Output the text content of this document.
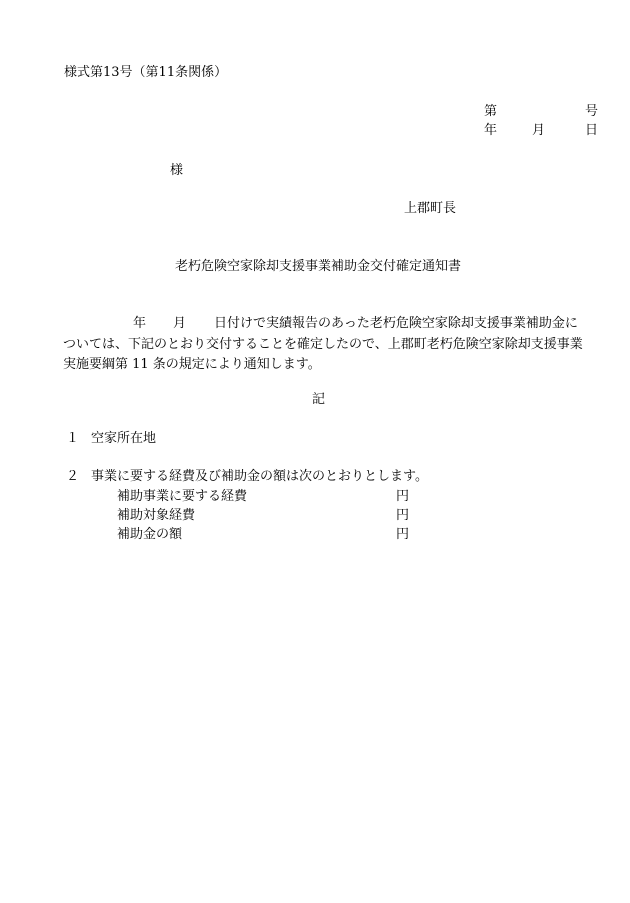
様式第13号（第11条関係）
第	号
年	月	日
様
上郡町長
老朽危険空家除却支援事業補助金交付確定通知書
年 月 日付けで実績報告のあった老朽危険空家除却支援事業補助金については、下記のとおり交付することを確定したので、上郡町老朽危険空家除却支援事業実施要綱第 11 条の規定により通知します。
記
１ 空家所在地
２ 事業に要する経費及び補助金の額は次のとおりとします。
補助事業に要する経費	円
補助対象経費	円
補助金の額	円
